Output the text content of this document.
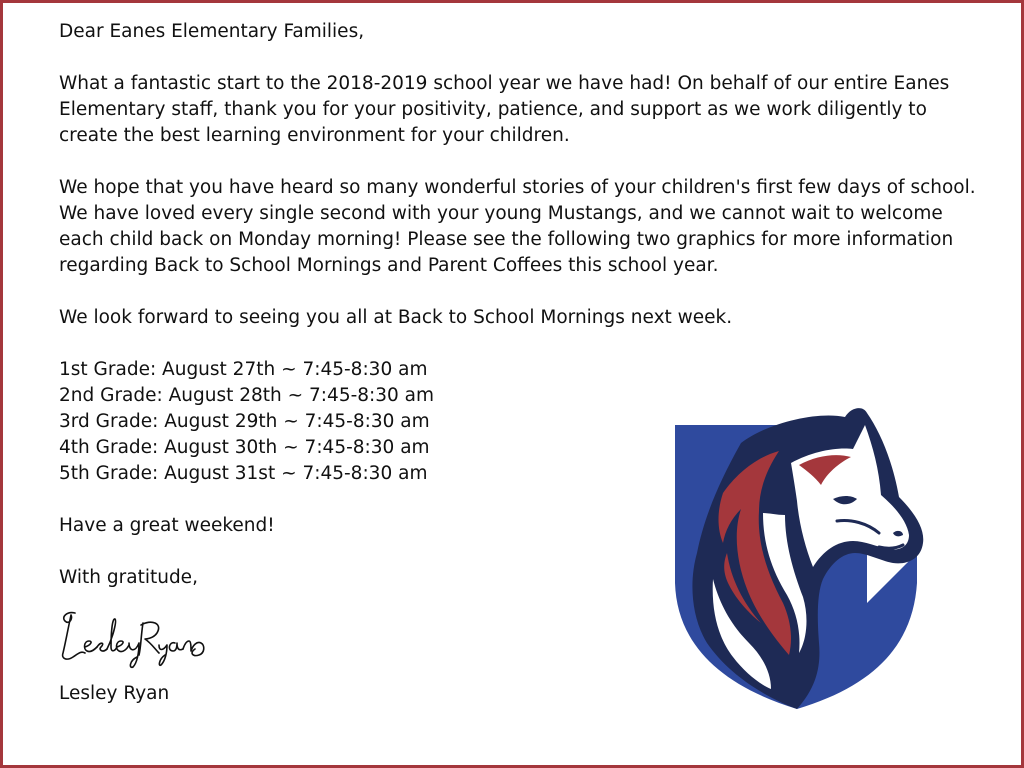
Dear Eanes Elementary Families,

What a fantastic start to the 2018-2019 school year we have had! On behalf of our entire Eanes Elementary staff, thank you for your positivity, patience, and support as we work diligently to create the best learning environment for your children.

We hope that you have heard so many wonderful stories of your children's first few days of school. We have loved every single second with your young Mustangs, and we cannot wait to welcome each child back on Monday morning! Please see the following two graphics for more information regarding Back to School Mornings and Parent Coffees this school year.

We look forward to seeing you all at Back to School Mornings next week.

1st Grade: August 27th ~ 7:45-8:30 am
2nd Grade: August 28th ~ 7:45-8:30 am
3rd Grade: August 29th ~ 7:45-8:30 am
4th Grade: August 30th ~ 7:45-8:30 am
5th Grade: August 31st ~ 7:45-8:30 am

Have a great weekend!

With gratitude,

Lesley Ryan
